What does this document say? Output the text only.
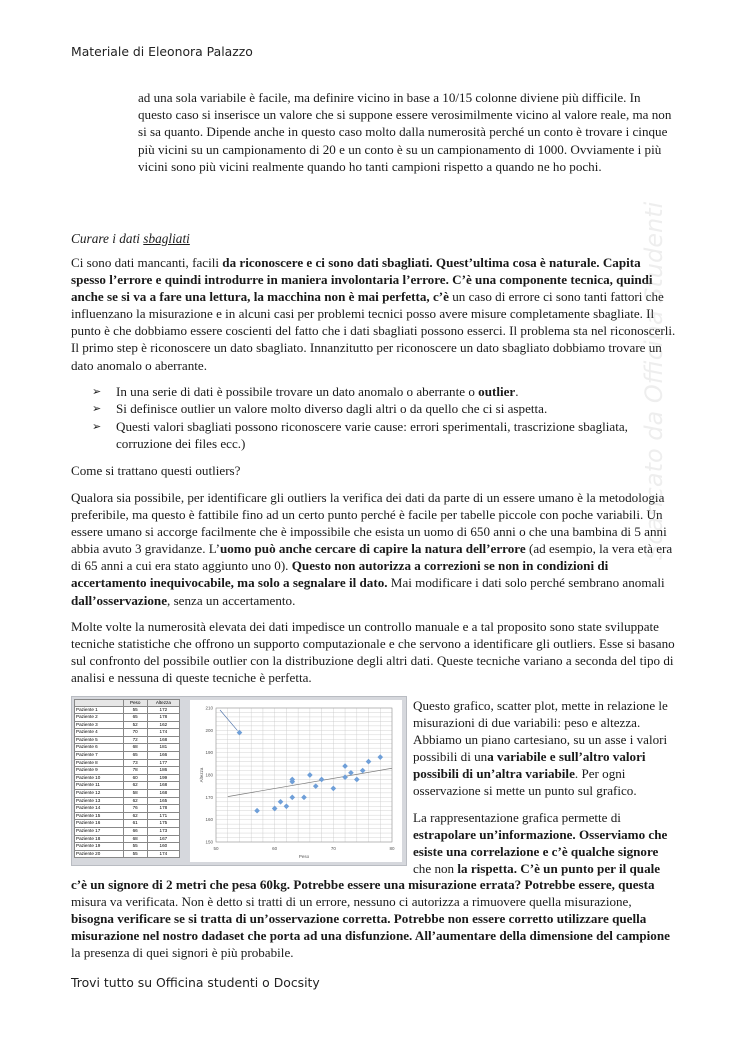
Materiale di Eleonora Palazzo
ad una sola variabile è facile, ma definire vicino in base a 10/15 colonne diviene più difficile. In questo caso si inserisce un valore che si suppone essere verosimilmente vicino al valore reale, ma non si sa quanto. Dipende anche in questo caso molto dalla numerosità perché un conto è trovare i cinque più vicini su un campionamento di 20 e un conto è su un campionamento di 1000. Ovviamente i più vicini sono più vicini realmente quando ho tanti campioni rispetto a quando ne ho pochi.
Curare i dati sbagliati
Ci sono dati mancanti, facili da riconoscere e ci sono dati sbagliati. Quest’ultima cosa è naturale. Capita spesso l’errore e quindi introdurre in maniera involontaria l’errore. C’è una componente tecnica, quindi anche se si va a fare una lettura, la macchina non è mai perfetta, c’è un caso di errore ci sono tanti fattori che influenzano la misurazione e in alcuni casi per problemi tecnici posso avere misure completamente sbagliate. Il punto è che dobbiamo essere coscienti del fatto che i dati sbagliati possono esserci. Il problema sta nel riconoscerli. Il primo step è riconoscere un dato sbagliato. Innanzitutto per riconoscere un dato sbagliato dobbiamo trovare un dato anomalo o aberrante.
➢ In una serie di dati è possibile trovare un dato anomalo o aberrante o outlier.
➢ Si definisce outlier un valore molto diverso dagli altri o da quello che ci si aspetta.
➢ Questi valori sbagliati possono riconoscere varie cause: errori sperimentali, trascrizione sbagliata, corruzione dei files ecc.)
Come si trattano questi outliers?
Qualora sia possibile, per identificare gli outliers la verifica dei dati da parte di un essere umano è la metodologia preferibile, ma questo è fattibile fino ad un certo punto perché è facile per tabelle piccole con poche variabili. Un essere umano si accorge facilmente che è impossibile che esista un uomo di 650 anni o che una bambina di 5 anni abbia avuto 3 gravidanze. L’uomo può anche cercare di capire la natura dell’errore (ad esempio, la vera età era di 65 anni a cui era stato aggiunto uno 0). Questo non autorizza a correzioni se non in condizioni di accertamento inequivocabile, ma solo a segnalare il dato. Mai modificare i dati solo perché sembrano anomali dall’osservazione, senza un accertamento.
Molte volte la numerosità elevata dei dati impedisce un controllo manuale e a tal proposito sono state sviluppate tecniche statistiche che offrono un supporto computazionale e che servono a identificare gli outliers. Esse si basano sul confronto del possibile outlier con la distribuzione degli altri dati. Queste tecniche variano a seconda del tipo di analisi e nessuna di queste tecniche è perfetta.
	Peso	Altezza
Paziente 1	55	172
Paziente 2	65	178
Paziente 3	52	162
Paziente 4	70	174
Paziente 5	72	168
Paziente 6	68	181
Paziente 7	65	166
Paziente 8	73	177
Paziente 9	78	186
Paziente 10	60	199
Paziente 11	62	168
Paziente 12	58	168
Paziente 13	62	165
Paziente 14	76	178
Paziente 15	62	171
Paziente 16	61	175
Paziente 17	66	173
Paziente 18	68	167
Paziente 19	55	160
Paziente 20	55	174
50	60	70	80
150
160
170
180
190
200
210
Peso
Altezza
Questo grafico, scatter plot, mette in relazione le misurazioni di due variabili: peso e altezza. Abbiamo un piano cartesiano, su un asse i valori possibili di una variabile e sull’altro valori possibili di un’altra variabile. Per ogni osservazione si mette un punto sul grafico.
La rappresentazione grafica permette di estrapolare un’informazione. Osserviamo che esiste una correlazione e c’è qualche signore che non la rispetta. C’è un punto per il quale
c’è un signore di 2 metri che pesa 60kg. Potrebbe essere una misurazione errata? Potrebbe essere, questa misura va verificata. Non è detto si tratti di un errore, nessuno ci autorizza a rimuovere quella misurazione, bisogna verificare se si tratta di un’osservazione corretta. Potrebbe non essere corretto utilizzare quella misurazione nel nostro dadaset che porta ad una disfunzione. All’aumentare della dimensione del campione la presenza di quei signori è più probabile.
Trovi tutto su Officina studenti o Docsity
Scaricato da Officina Studenti
